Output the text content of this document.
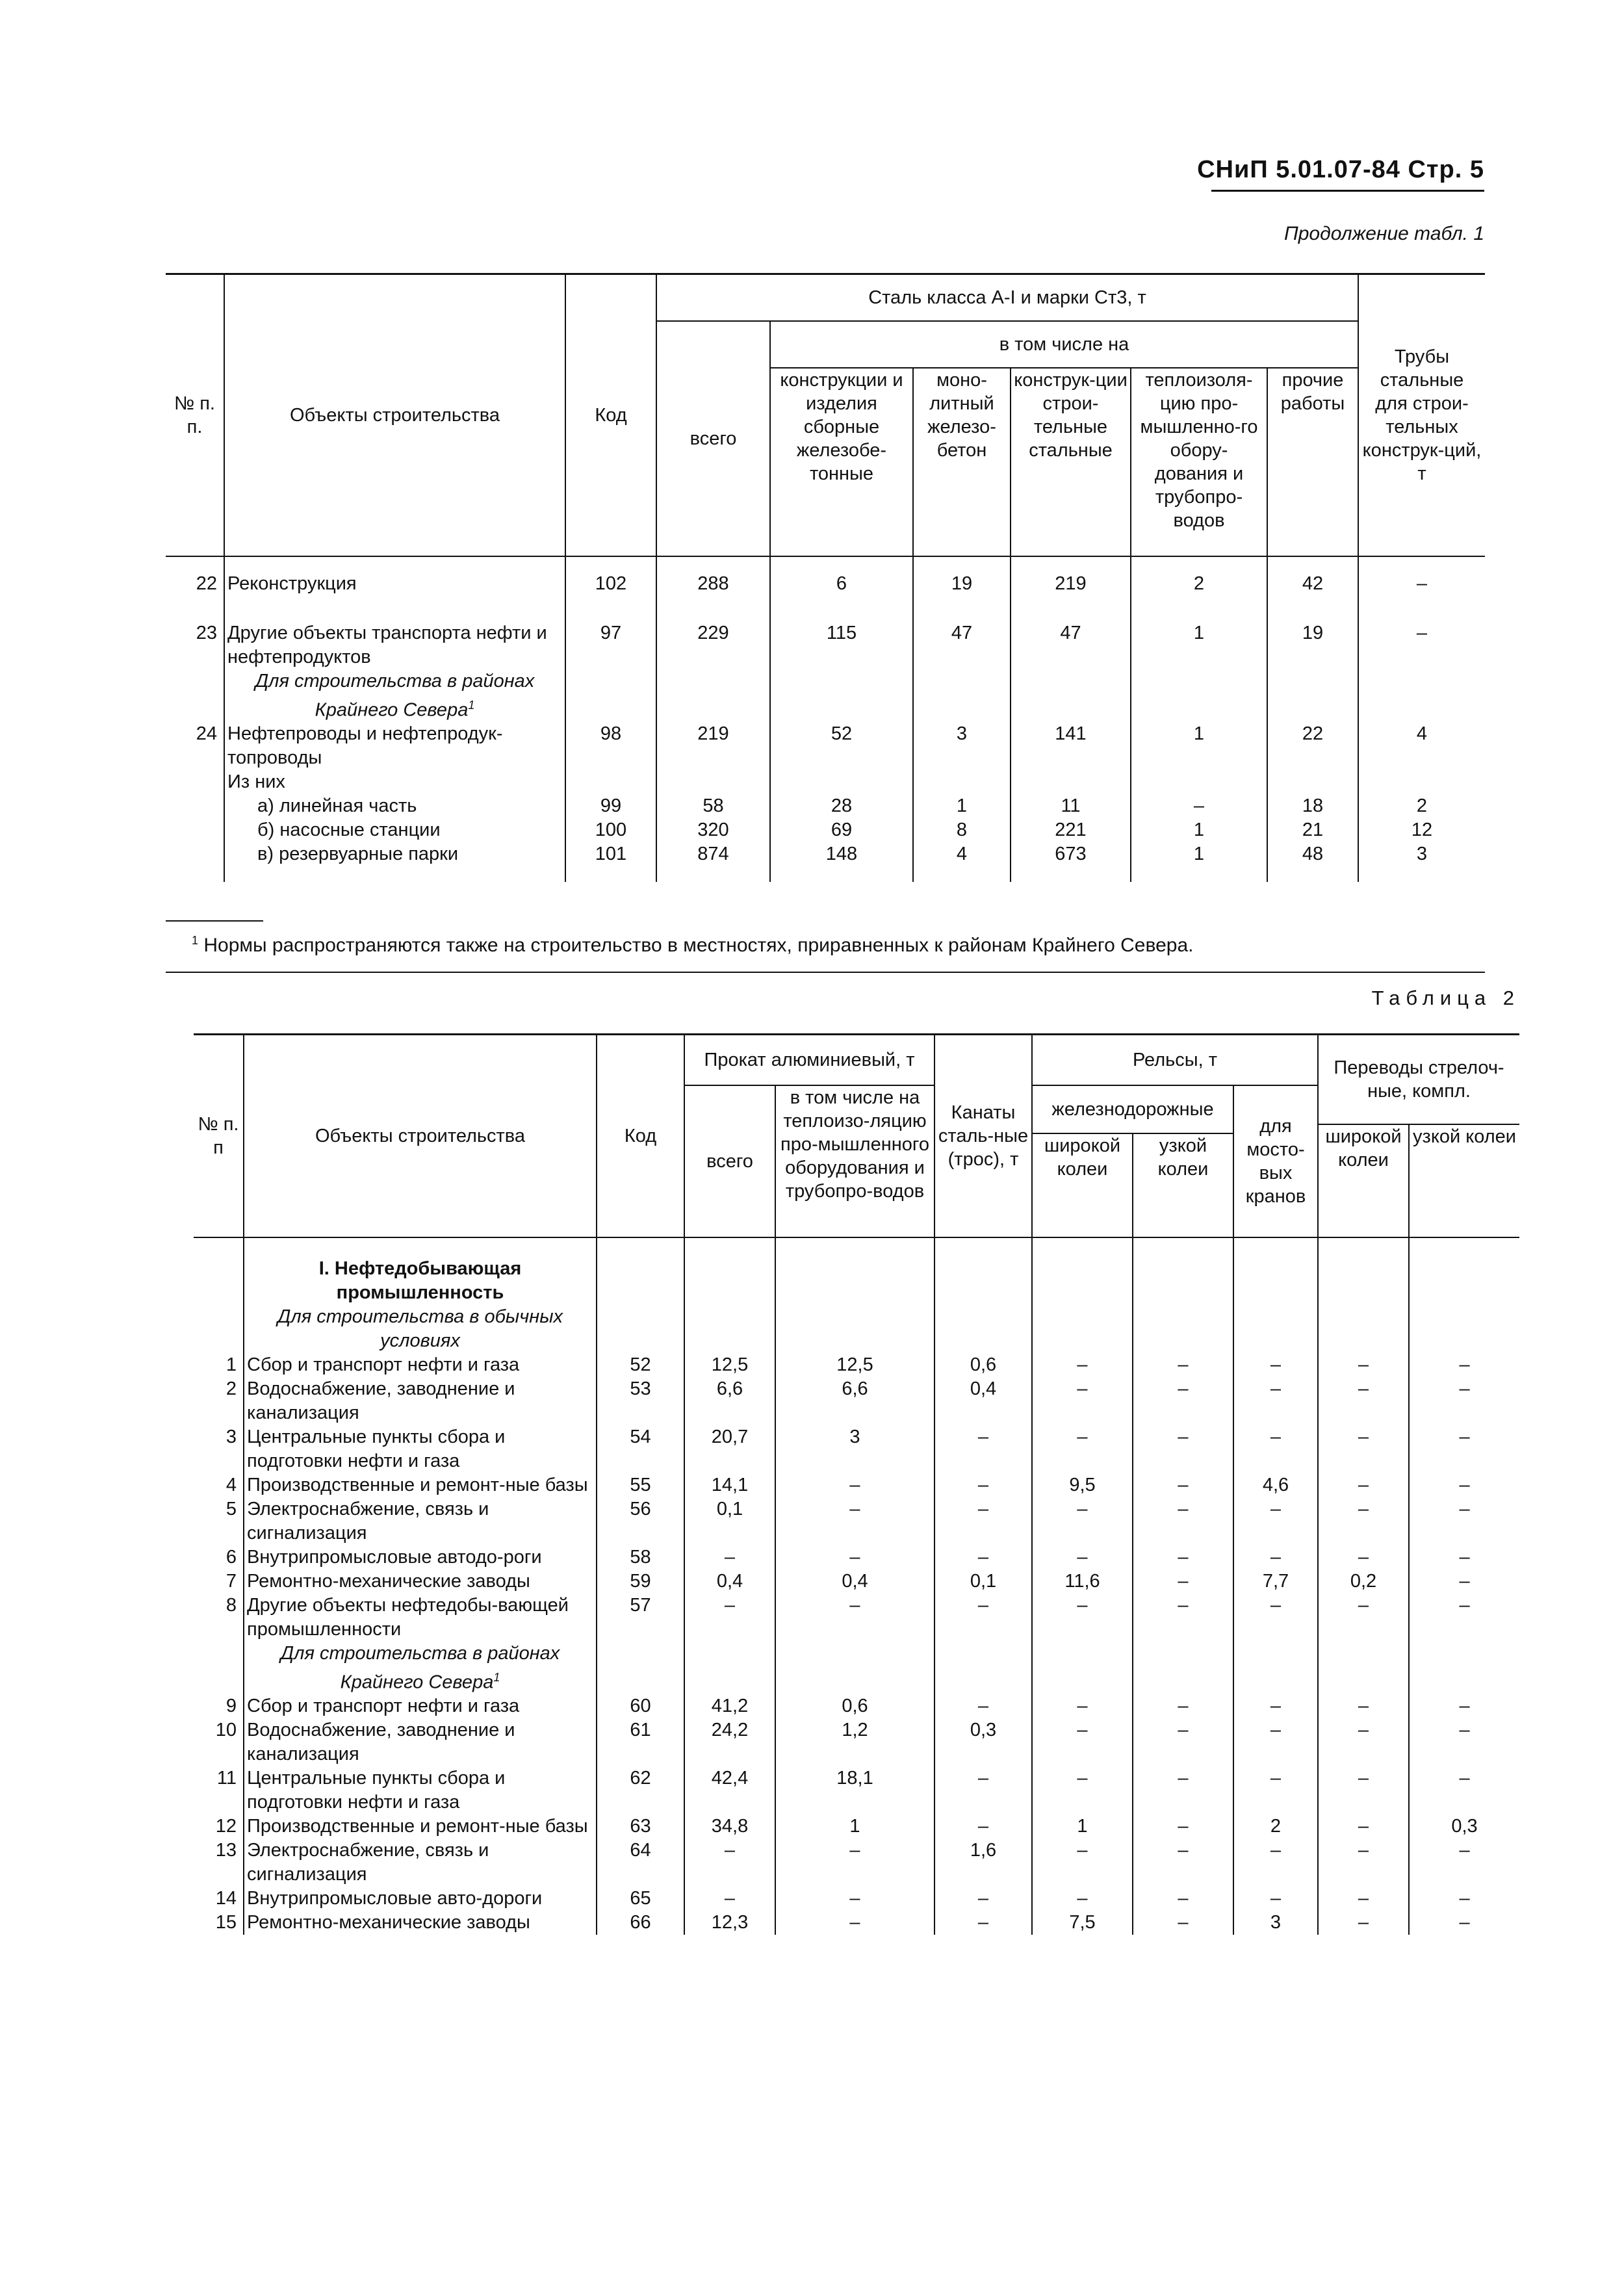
СНиП 5.01.07-84 Стр. 5
Продолжение табл. 1
№ п. п.	Объекты строительства	Код	Сталь класса А-I и марки Ст3, т						Трубы стальные для строи-тельных конструк-ций, т
			всего	в том числе на					
				конструкции и изделия сборные железобе-тонные	моно-литный железо-бетон	конструк-ции строи-тельные стальные	теплоизоля-цию про-мышленно-го обору-дования и трубопро-водов	прочие работы	

22	Реконструкция	102	288	6	19	219	2	42	–
23	Другие объекты транспорта нефти и нефтепродуктов	97	229	115	47	47	1	19	–
	Для строительства в районах Крайнего Севера$^1$								
24	Нефтепроводы и нефтепродук-топроводы	98	219	52	3	141	1	22	4
	Из них								
	а) линейная часть	99	58	28	1	11	–	18	2
	б) насосные станции	100	320	69	8	221	1	21	12
	в) резервуарные парки	101	874	148	4	673	1	48	3

$^1$ Нормы распространяются также на строительство в местностях, приравненных к районам Крайнего Севера.
Таблица 2
№ п. п	Объекты строительства	Код	Прокат алюминиевый, т		Канаты сталь-ные (трос), т	Рельсы, т			Переводы стрелоч-ные, компл.	
			всего	в том числе на теплоизо-ляцию про-мышленного оборудования и трубопро-водов		железнодорожные		для мосто-вых кранов		
									широкой колеи	узкой колеи
						широкой колеи	узкой колеи			

	I. Нефтедобывающая промышленность									
	Для строительства в обычных условиях									
1	Сбор и транспорт нефти и газа	52	12,5	12,5	0,6	–	–	–	–	–
2	Водоснабжение, заводнение и канализация	53	6,6	6,6	0,4	–	–	–	–	–
3	Центральные пункты сбора и подготовки нефти и газа	54	20,7	3	–	–	–	–	–	–
4	Производственные и ремонт-ные базы	55	14,1	–	–	9,5	–	4,6	–	–
5	Электроснабжение, связь и сигнализация	56	0,1	–	–	–	–	–	–	–
6	Внутрипромысловые автодо-роги	58	–	–	–	–	–	–	–	–
7	Ремонтно-механические заводы	59	0,4	0,4	0,1	11,6	–	7,7	0,2	–
8	Другие объекты нефтедобы-вающей промышленности	57	–	–	–	–	–	–	–	–
	Для строительства в районах Крайнего Севера$^1$									
9	Сбор и транспорт нефти и газа	60	41,2	0,6	–	–	–	–	–	–
10	Водоснабжение, заводнение и канализация	61	24,2	1,2	0,3	–	–	–	–	–
11	Центральные пункты сбора и подготовки нефти и газа	62	42,4	18,1	–	–	–	–	–	–
12	Производственные и ремонт-ные базы	63	34,8	1	–	1	–	2	–	0,3
13	Электроснабжение, связь и сигнализация	64	–	–	1,6	–	–	–	–	–
14	Внутрипромысловые авто-дороги	65	–	–	–	–	–	–	–	–
15	Ремонтно-механические заводы	66	12,3	–	–	7,5	–	3	–	–
